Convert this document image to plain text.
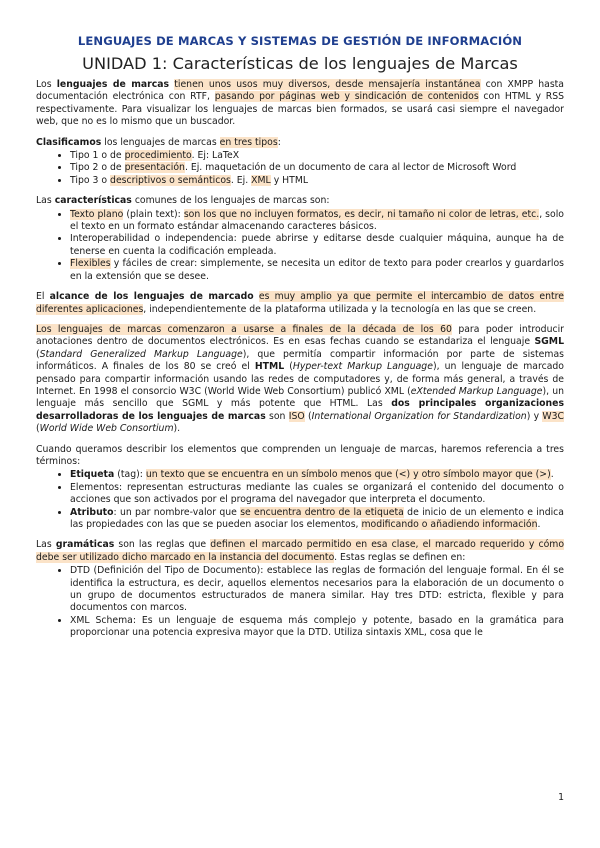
LENGUAJES DE MARCAS Y SISTEMAS DE GESTIÓN DE INFORMACIÓN
UNIDAD 1: Características de los lenguajes de Marcas

Los lenguajes de marcas tienen unos usos muy diversos, desde mensajería instantánea con XMPP hasta documentación electrónica con RTF, pasando por páginas web y sindicación de contenidos con HTML y RSS respectivamente. Para visualizar los lenguajes de marcas bien formados, se usará casi siempre el navegador web, que no es lo mismo que un buscador.

Clasificamos los lenguajes de marcas en tres tipos:

• Tipo 1 o de procedimiento. Ej: LaTeX
• Tipo 2 o de presentación. Ej. maquetación de un documento de cara al lector de Microsoft Word
• Tipo 3 o descriptivos o semánticos. Ej. XML y HTML

Las características comunes de los lenguajes de marcas son:

• Texto plano (plain text): son los que no incluyen formatos, es decir, ni tamaño ni color de letras, etc., solo el texto en un formato estándar almacenando caracteres básicos.
• Interoperabilidad o independencia: puede abrirse y editarse desde cualquier máquina, aunque ha de tenerse en cuenta la codificación empleada.
• Flexibles y fáciles de crear: simplemente, se necesita un editor de texto para poder crearlos y guardarlos en la extensión que se desee.

El alcance de los lenguajes de marcado es muy amplio ya que permite el intercambio de datos entre diferentes aplicaciones, independientemente de la plataforma utilizada y la tecnología en las que se creen.

Los lenguajes de marcas comenzaron a usarse a finales de la década de los 60 para poder introducir anotaciones dentro de documentos electrónicos. Es en esas fechas cuando se estandariza el lenguaje SGML (Standard Generalized Markup Language), que permitía compartir información por parte de sistemas informáticos. A finales de los 80 se creó el HTML (Hyper-text Markup Language), un lenguaje de marcado pensado para compartir información usando las redes de computadores y, de forma más general, a través de Internet. En 1998 el consorcio W3C (World Wide Web Consortium) publicó XML (eXtended Markup Language), un lenguaje más sencillo que SGML y más potente que HTML. Las dos principales organizaciones desarrolladoras de los lenguajes de marcas son ISO (International Organization for Standardization) y W3C (World Wide Web Consortium).

Cuando queramos describir los elementos que comprenden un lenguaje de marcas, haremos referencia a tres términos:

• Etiqueta (tag): un texto que se encuentra en un símbolo menos que (<) y otro símbolo mayor que (>).
• Elementos: representan estructuras mediante las cuales se organizará el contenido del documento o acciones que son activados por el programa del navegador que interpreta el documento.
• Atributo: un par nombre-valor que se encuentra dentro de la etiqueta de inicio de un elemento e indica las propiedades con las que se pueden asociar los elementos, modificando o añadiendo información.

Las gramáticas son las reglas que definen el marcado permitido en esa clase, el marcado requerido y cómo debe ser utilizado dicho marcado en la instancia del documento. Estas reglas se definen en:

• DTD (Definición del Tipo de Documento): establece las reglas de formación del lenguaje formal. En él se identifica la estructura, es decir, aquellos elementos necesarios para la elaboración de un documento o un grupo de documentos estructurados de manera similar. Hay tres DTD: estricta, flexible y para documentos con marcos.
• XML Schema: Es un lenguaje de esquema más complejo y potente, basado en la gramática para proporcionar una potencia expresiva mayor que la DTD. Utiliza sintaxis XML, cosa que le
1
